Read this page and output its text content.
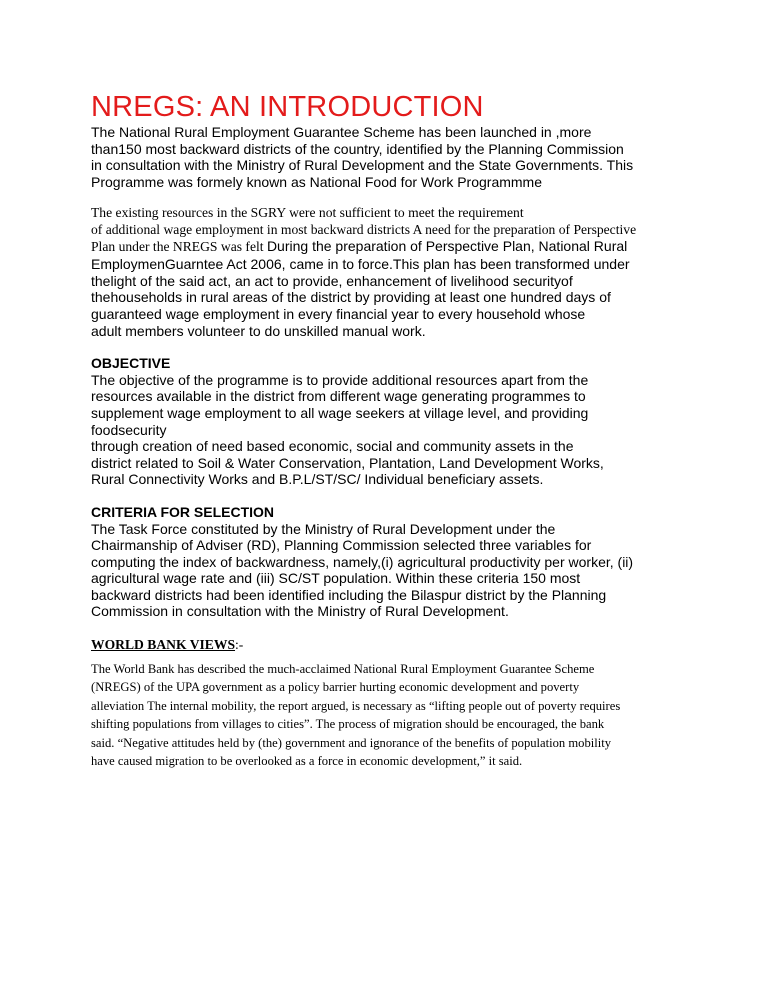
NREGS: AN INTRODUCTION
The National Rural Employment Guarantee Scheme has been launched in ,more
than150 most backward districts of the country, identified by the Planning Commission
in consultation with the Ministry of Rural Development and the State Governments. This
Programme was formely known as National Food for Work Programmme
The existing resources in the SGRY were not sufficient to meet the requirement
of additional wage employment in most backward districts A need for the preparation of Perspective
Plan under the NREGS was felt During the preparation of Perspective Plan, National Rural
EmploymenGuarntee Act 2006, came in to force.This plan has been transformed under
thelight of the said act, an act to provide, enhancement of livelihood securityof
thehouseholds in rural areas of the district by providing at least one hundred days of
guaranteed wage employment in every financial year to every household whose
adult members volunteer to do unskilled manual work.
OBJECTIVE
The objective of the programme is to provide additional resources apart from the
resources available in the district from different wage generating programmes to
supplement wage employment to all wage seekers at village level, and providing
foodsecurity
through creation of need based economic, social and community assets in the
district related to Soil & Water Conservation, Plantation, Land Development Works,
Rural Connectivity Works and B.P.L/ST/SC/ Individual beneficiary assets.
CRITERIA FOR SELECTION
The Task Force constituted by the Ministry of Rural Development under the
Chairmanship of Adviser (RD), Planning Commission selected three variables for
computing the index of backwardness, namely,(i) agricultural productivity per worker, (ii)
agricultural wage rate and (iii) SC/ST population. Within these criteria 150 most
backward districts had been identified including the Bilaspur district by the Planning
Commission in consultation with the Ministry of Rural Development.
WORLD BANK VIEWS:-
The World Bank has described the much-acclaimed National Rural Employment Guarantee Scheme
(NREGS) of the UPA government as a policy barrier hurting economic development and poverty
alleviation The internal mobility, the report argued, is necessary as “lifting people out of poverty requires
shifting populations from villages to cities”. The process of migration should be encouraged, the bank
said. “Negative attitudes held by (the) government and ignorance of the benefits of population mobility
have caused migration to be overlooked as a force in economic development,” it said.
